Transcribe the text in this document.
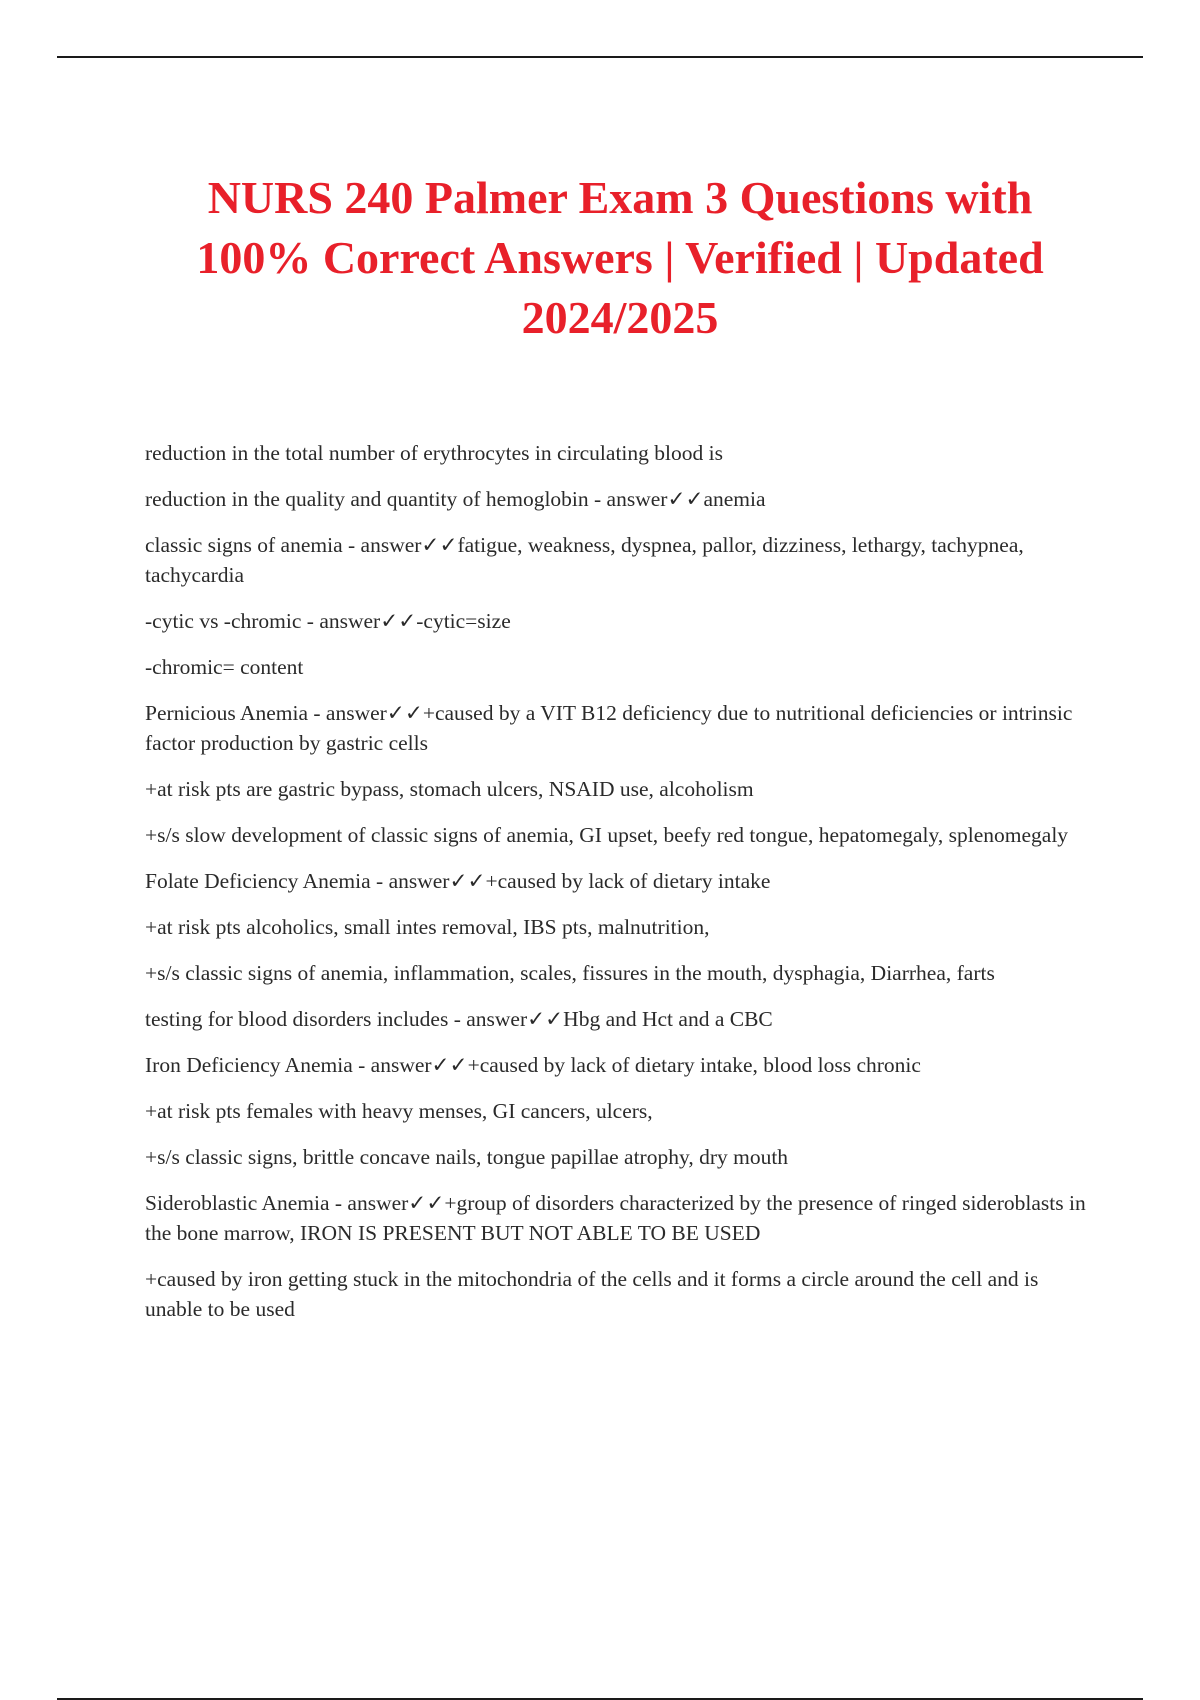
NURS 240 Palmer Exam 3 Questions with
100% Correct Answers | Verified | Updated
2024/2025

reduction in the total number of erythrocytes in circulating blood is

reduction in the quality and quantity of hemoglobin - answer✓✓anemia

classic signs of anemia - answer✓✓fatigue, weakness, dyspnea, pallor, dizziness, lethargy, tachypnea, tachycardia

-cytic vs -chromic - answer✓✓-cytic=size

-chromic= content

Pernicious Anemia - answer✓✓+caused by a VIT B12 deficiency due to nutritional deficiencies or intrinsic factor production by gastric cells

+at risk pts are gastric bypass, stomach ulcers, NSAID use, alcoholism

+s/s slow development of classic signs of anemia, GI upset, beefy red tongue, hepatomegaly, splenomegaly

Folate Deficiency Anemia - answer✓✓+caused by lack of dietary intake

+at risk pts alcoholics, small intes removal, IBS pts, malnutrition,

+s/s classic signs of anemia, inflammation, scales, fissures in the mouth, dysphagia, Diarrhea, farts

testing for blood disorders includes - answer✓✓Hbg and Hct and a CBC

Iron Deficiency Anemia - answer✓✓+caused by lack of dietary intake, blood loss chronic

+at risk pts females with heavy menses, GI cancers, ulcers,

+s/s classic signs, brittle concave nails, tongue papillae atrophy, dry mouth

Sideroblastic Anemia - answer✓✓+group of disorders characterized by the presence of ringed sideroblasts in the bone marrow, IRON IS PRESENT BUT NOT ABLE TO BE USED

+caused by iron getting stuck in the mitochondria of the cells and it forms a circle around the cell and is unable to be used
